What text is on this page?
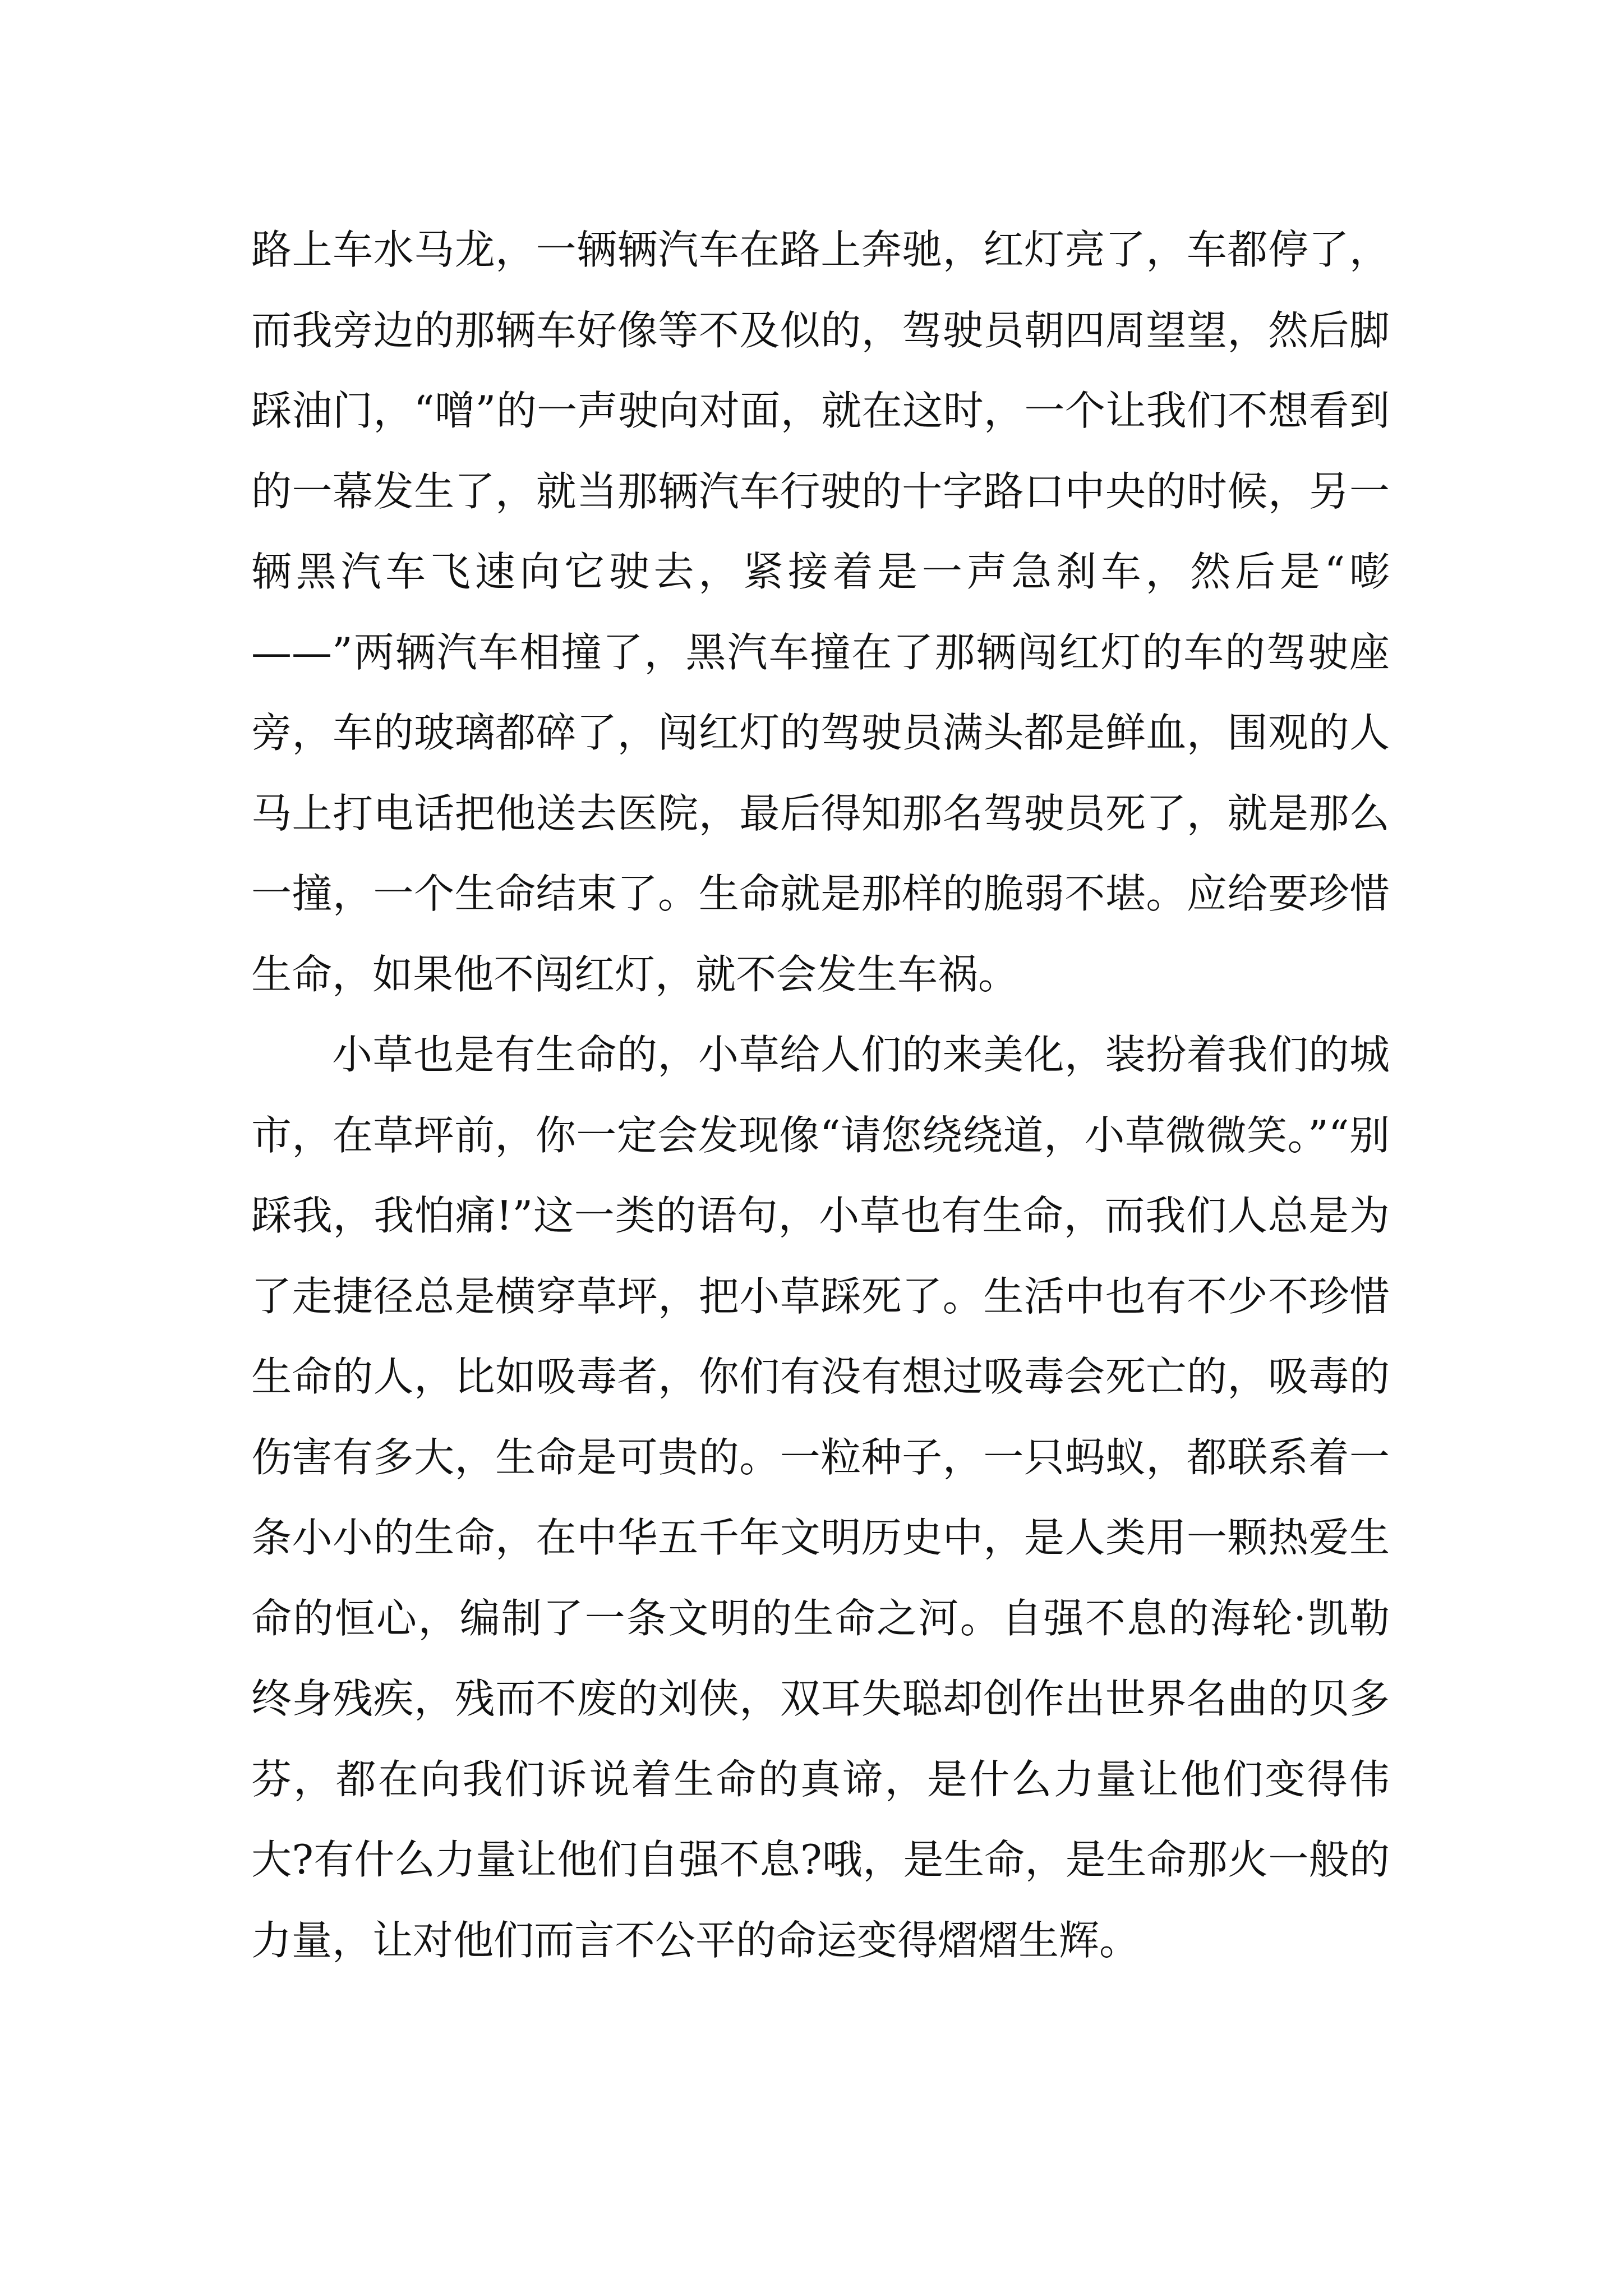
路上车水马龙，一辆辆汽车在路上奔驰，红灯亮了，车都停了，而我旁边的那辆车好像等不及似的，驾驶员朝四周望望，然后脚踩油门，“噌”的一声驶向对面，就在这时，一个让我们不想看到的一幕发生了，就当那辆汽车行驶的十字路口中央的时候，另一辆黑汽车飞速向它驶去，紧接着是一声急刹车，然后是“嘭——”两辆汽车相撞了，黑汽车撞在了那辆闯红灯的车的驾驶座旁，车的玻璃都碎了，闯红灯的驾驶员满头都是鲜血，围观的人马上打电话把他送去医院，最后得知那名驾驶员死了，就是那么一撞，一个生命结束了。生命就是那样的脆弱不堪。应给要珍惜生命，如果他不闯红灯，就不会发生车祸。

小草也是有生命的，小草给人们的来美化，装扮着我们的城市，在草坪前，你一定会发现像“请您绕绕道，小草微微笑。”“别踩我，我怕痛!”这一类的语句，小草也有生命，而我们人总是为了走捷径总是横穿草坪，把小草踩死了。生活中也有不少不珍惜生命的人，比如吸毒者，你们有没有想过吸毒会死亡的，吸毒的伤害有多大，生命是可贵的。一粒种子，一只蚂蚁，都联系着一条小小的生命，在中华五千年文明历史中，是人类用一颗热爱生命的恒心，编制了一条文明的生命之河。自强不息的海轮·凯勒终身残疾，残而不废的刘侠，双耳失聪却创作出世界名曲的贝多芬，都在向我们诉说着生命的真谛，是什么力量让他们变得伟大?有什么力量让他们自强不息?哦，是生命，是生命那火一般的力量，让对他们而言不公平的命运变得熠熠生辉。
